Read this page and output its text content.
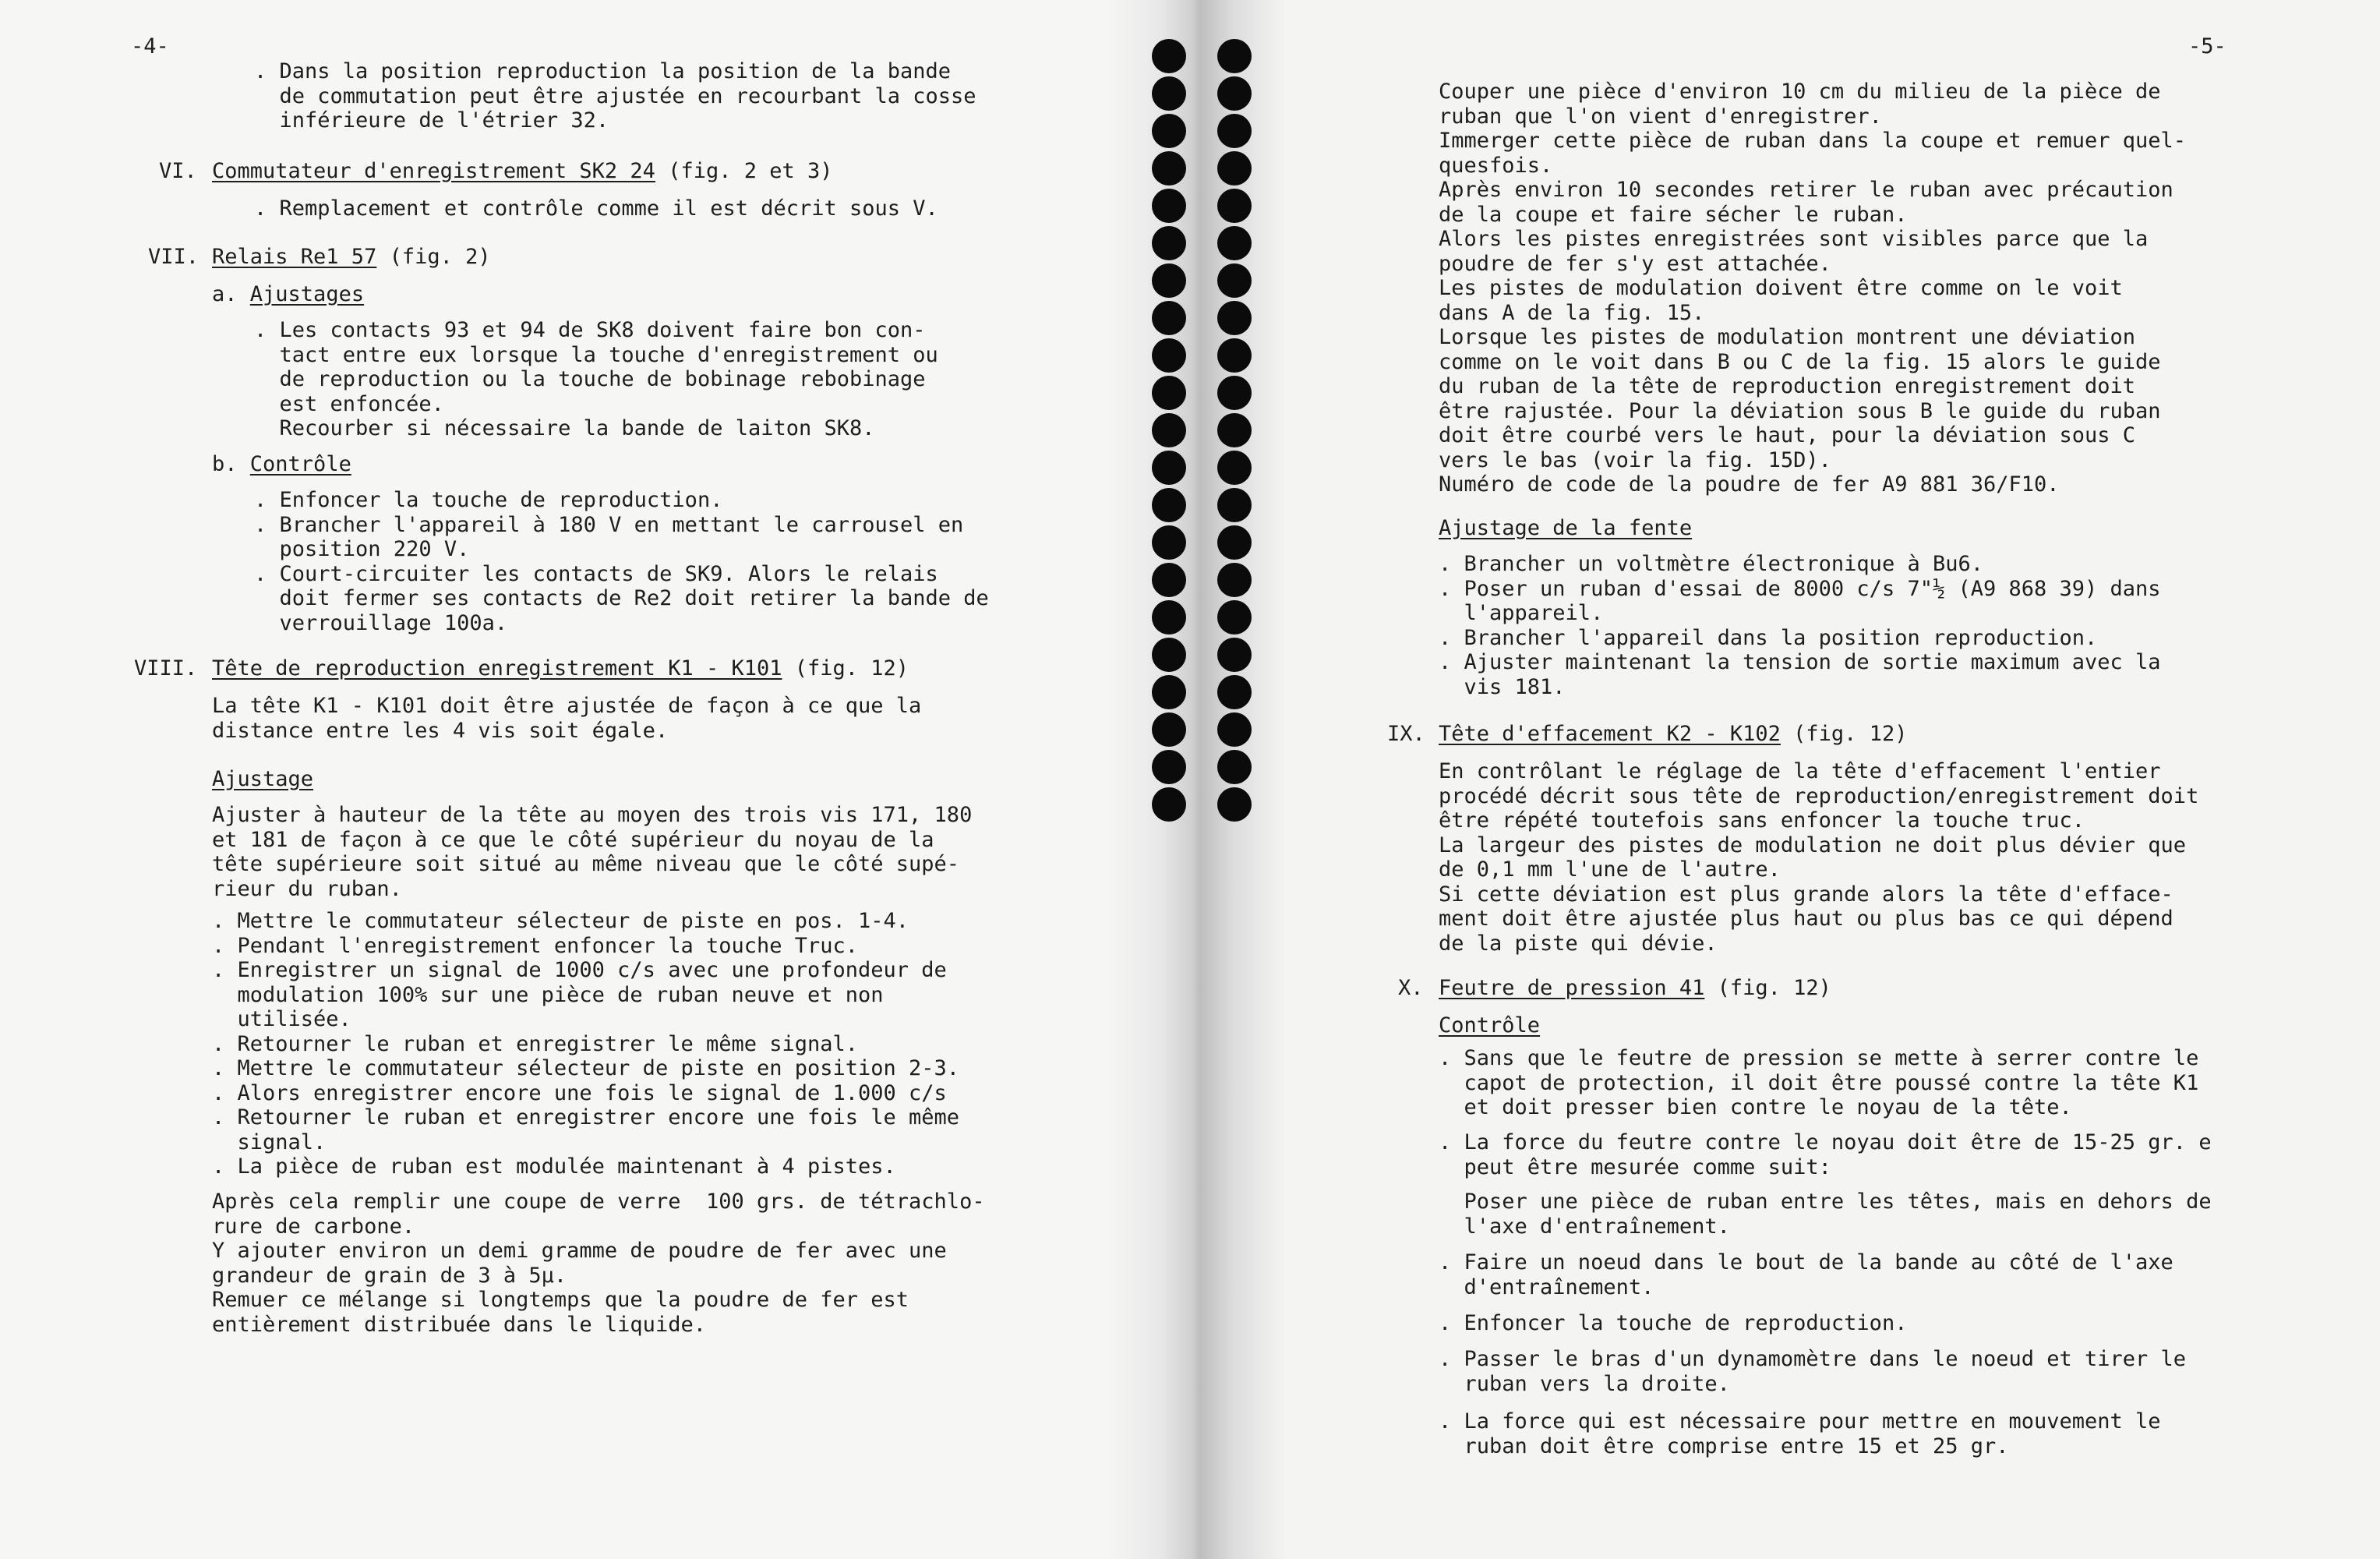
-4-
. Dans la position reproduction la position de la bande
de commutation peut être ajustée en recourbant la cosse
inférieure de l'étrier 32.
VI. Commutateur d'enregistrement SK2 24 (fig. 2 et 3)
. Remplacement et contrôle comme il est décrit sous V.
VII. Relais Re1 57 (fig. 2)
a. Ajustages
. Les contacts 93 et 94 de SK8 doivent faire bon con-
tact entre eux lorsque la touche d'enregistrement ou
de reproduction ou la touche de bobinage rebobinage
est enfoncée.
Recourber si nécessaire la bande de laiton SK8.
b. Contrôle
. Enfoncer la touche de reproduction.
. Brancher l'appareil à 180 V en mettant le carrousel en
position 220 V.
. Court-circuiter les contacts de SK9. Alors le relais
doit fermer ses contacts de Re2 doit retirer la bande de
verrouillage 100a.
VIII. Tête de reproduction enregistrement K1 - K101 (fig. 12)
La tête K1 - K101 doit être ajustée de façon à ce que la
distance entre les 4 vis soit égale.
Ajustage
Ajuster à hauteur de la tête au moyen des trois vis 171, 180
et 181 de façon à ce que le côté supérieur du noyau de la
tête supérieure soit situé au même niveau que le côté supé-
rieur du ruban.
. Mettre le commutateur sélecteur de piste en pos. 1-4.
. Pendant l'enregistrement enfoncer la touche Truc.
. Enregistrer un signal de 1000 c/s avec une profondeur de
modulation 100% sur une pièce de ruban neuve et non
utilisée.
. Retourner le ruban et enregistrer le même signal.
. Mettre le commutateur sélecteur de piste en position 2-3.
. Alors enregistrer encore une fois le signal de 1.000 c/s
. Retourner le ruban et enregistrer encore une fois le même
signal.
. La pièce de ruban est modulée maintenant à 4 pistes.
Après cela remplir une coupe de verre  100 grs. de tétrachlo-
rure de carbone.
Y ajouter environ un demi gramme de poudre de fer avec une
grandeur de grain de 3 à 5µ.
Remuer ce mélange si longtemps que la poudre de fer est
entièrement distribuée dans le liquide.
-5-
Couper une pièce d'environ 10 cm du milieu de la pièce de
ruban que l'on vient d'enregistrer.
Immerger cette pièce de ruban dans la coupe et remuer quel-
quesfois.
Après environ 10 secondes retirer le ruban avec précaution
de la coupe et faire sécher le ruban.
Alors les pistes enregistrées sont visibles parce que la
poudre de fer s'y est attachée.
Les pistes de modulation doivent être comme on le voit
dans A de la fig. 15.
Lorsque les pistes de modulation montrent une déviation
comme on le voit dans B ou C de la fig. 15 alors le guide
du ruban de la tête de reproduction enregistrement doit
être rajustée. Pour la déviation sous B le guide du ruban
doit être courbé vers le haut, pour la déviation sous C
vers le bas (voir la fig. 15D).
Numéro de code de la poudre de fer A9 881 36/F10.
Ajustage de la fente
. Brancher un voltmètre électronique à Bu6.
. Poser un ruban d'essai de 8000 c/s 7"½ (A9 868 39) dans
l'appareil.
. Brancher l'appareil dans la position reproduction.
. Ajuster maintenant la tension de sortie maximum avec la
vis 181.
IX. Tête d'effacement K2 - K102 (fig. 12)
En contrôlant le réglage de la tête d'effacement l'entier
procédé décrit sous tête de reproduction/enregistrement doit
être répété toutefois sans enfoncer la touche truc.
La largeur des pistes de modulation ne doit plus dévier que
de 0,1 mm l'une de l'autre.
Si cette déviation est plus grande alors la tête d'efface-
ment doit être ajustée plus haut ou plus bas ce qui dépend
de la piste qui dévie.
X. Feutre de pression 41 (fig. 12)
Contrôle
. Sans que le feutre de pression se mette à serrer contre le
capot de protection, il doit être poussé contre la tête K1
et doit presser bien contre le noyau de la tête.
. La force du feutre contre le noyau doit être de 15-25 gr. e
peut être mesurée comme suit:
Poser une pièce de ruban entre les têtes, mais en dehors de
l'axe d'entraînement.
. Faire un noeud dans le bout de la bande au côté de l'axe
d'entraînement.
. Enfoncer la touche de reproduction.
. Passer le bras d'un dynamomètre dans le noeud et tirer le
ruban vers la droite.
. La force qui est nécessaire pour mettre en mouvement le
ruban doit être comprise entre 15 et 25 gr.
